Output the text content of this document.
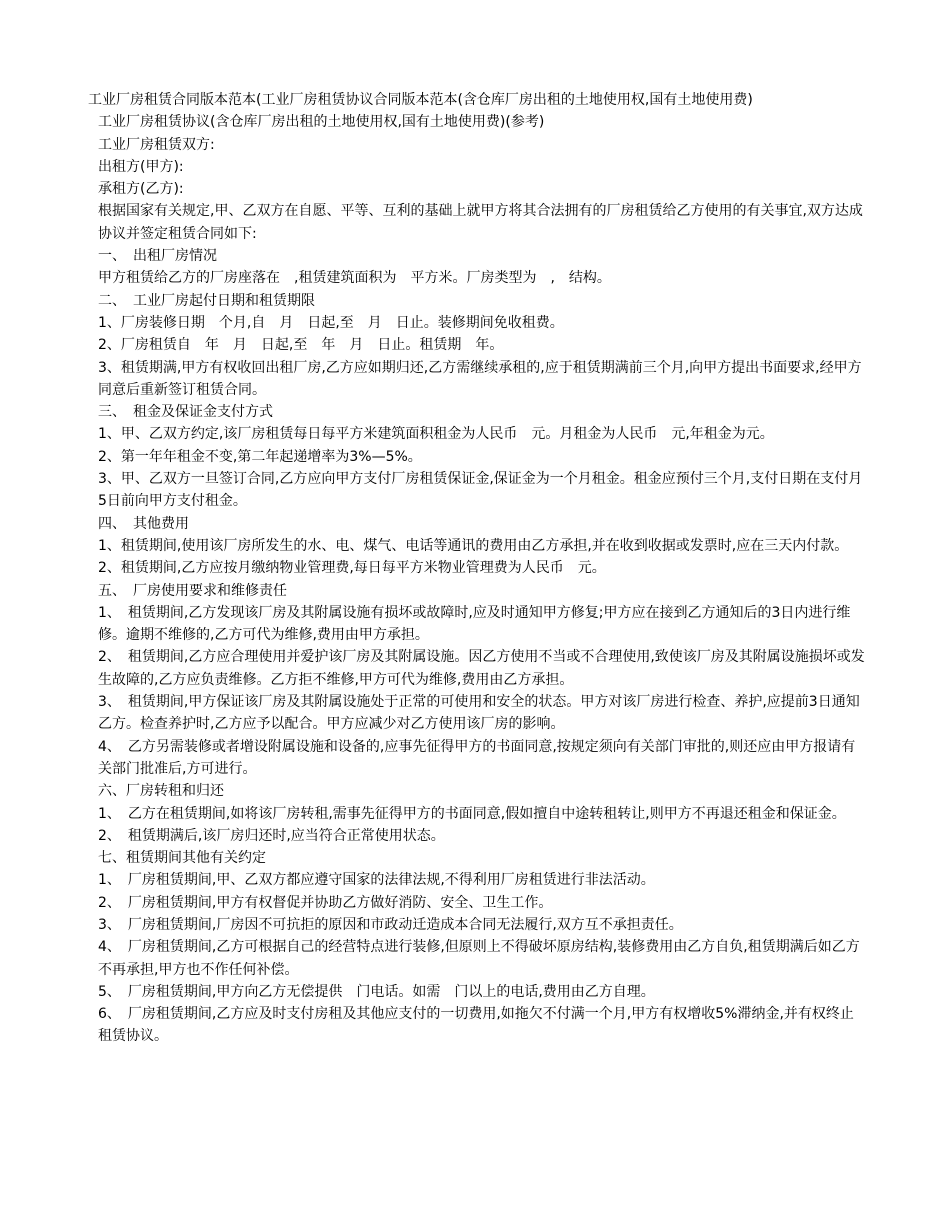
工业厂房租赁合同版本范本(工业厂房租赁协议合同版本范本(含仓库厂房出租的土地使用权,国有土地使用费)

工业厂房租赁协议(含仓库厂房出租的土地使用权,国有土地使用费)(参考)

工业厂房租赁双方:

出租方(甲方):

承租方(乙方):

根据国家有关规定,甲、乙双方在自愿、平等、互利的基础上就甲方将其合法拥有的厂房租赁给乙方使用的有关事宜,双方达成协议并签定租赁合同如下:

一、　出租厂房情况

甲方租赁给乙方的厂房座落在　,租赁建筑面积为　平方米。厂房类型为　,　结构。

二、　工业厂房起付日期和租赁期限

1、厂房装修日期　个月,自　月　日起,至　月　日止。装修期间免收租费。

2、厂房租赁自　年　月　日起,至　年　月　日止。租赁期　年。

3、租赁期满,甲方有权收回出租厂房,乙方应如期归还,乙方需继续承租的,应于租赁期满前三个月,向甲方提出书面要求,经甲方同意后重新签订租赁合同。

三、　租金及保证金支付方式

1、甲、乙双方约定,该厂房租赁每日每平方米建筑面积租金为人民币　元。月租金为人民币　元,年租金为元。

2、第一年年租金不变,第二年起递增率为3%—5%。

3、甲、乙双方一旦签订合同,乙方应向甲方支付厂房租赁保证金,保证金为一个月租金。租金应预付三个月,支付日期在支付月5日前向甲方支付租金。

四、　其他费用

1、租赁期间,使用该厂房所发生的水、电、煤气、电话等通讯的费用由乙方承担,并在收到收据或发票时,应在三天内付款。

2、租赁期间,乙方应按月缴纳物业管理费,每日每平方米物业管理费为人民币　元。

五、　厂房使用要求和维修责任

1、　租赁期间,乙方发现该厂房及其附属设施有损坏或故障时,应及时通知甲方修复;甲方应在接到乙方通知后的3日内进行维修。逾期不维修的,乙方可代为维修,费用由甲方承担。

2、　租赁期间,乙方应合理使用并爱护该厂房及其附属设施。因乙方使用不当或不合理使用,致使该厂房及其附属设施损坏或发生故障的,乙方应负责维修。乙方拒不维修,甲方可代为维修,费用由乙方承担。

3、　租赁期间,甲方保证该厂房及其附属设施处于正常的可使用和安全的状态。甲方对该厂房进行检查、养护,应提前3日通知乙方。检查养护时,乙方应予以配合。甲方应减少对乙方使用该厂房的影响。

4、　乙方另需装修或者增设附属设施和设备的,应事先征得甲方的书面同意,按规定须向有关部门审批的,则还应由甲方报请有关部门批准后,方可进行。

六、厂房转租和归还

1、　乙方在租赁期间,如将该厂房转租,需事先征得甲方的书面同意,假如擅自中途转租转让,则甲方不再退还租金和保证金。

2、　租赁期满后,该厂房归还时,应当符合正常使用状态。

七、租赁期间其他有关约定

1、　厂房租赁期间,甲、乙双方都应遵守国家的法律法规,不得利用厂房租赁进行非法活动。

2、　厂房租赁期间,甲方有权督促并协助乙方做好消防、安全、卫生工作。

3、　厂房租赁期间,厂房因不可抗拒的原因和市政动迁造成本合同无法履行,双方互不承担责任。

4、　厂房租赁期间,乙方可根据自己的经营特点进行装修,但原则上不得破坏原房结构,装修费用由乙方自负,租赁期满后如乙方不再承担,甲方也不作任何补偿。

5、　厂房租赁期间,甲方向乙方无偿提供　门电话。如需　门以上的电话,费用由乙方自理。

6、　厂房租赁期间,乙方应及时支付房租及其他应支付的一切费用,如拖欠不付满一个月,甲方有权增收5%滞纳金,并有权终止租赁协议。
